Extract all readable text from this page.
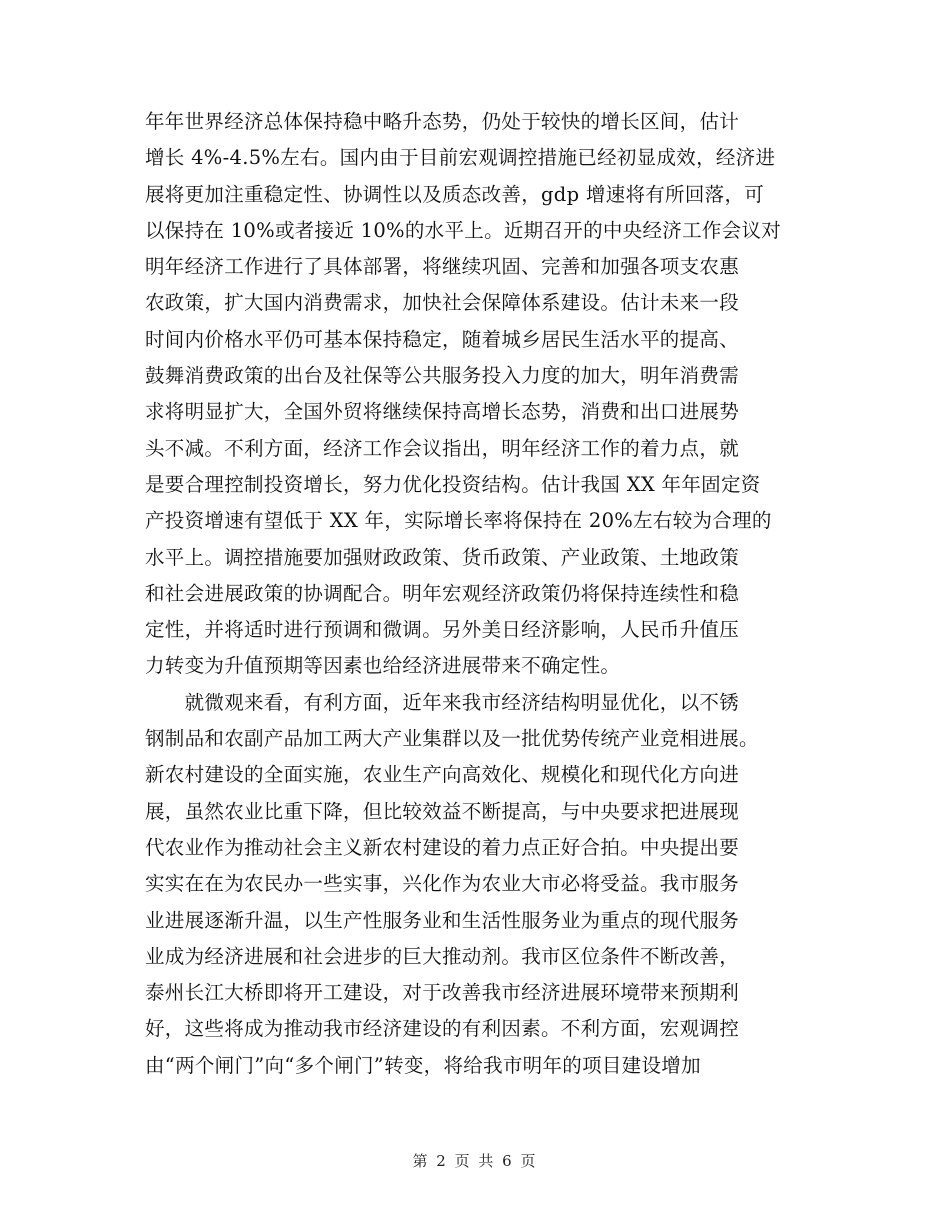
年年世界经济总体保持稳中略升态势，仍处于较快的增长区间，估计
增长 4%-4.5%左右。国内由于目前宏观调控措施已经初显成效，经济进
展将更加注重稳定性、协调性以及质态改善，gdp 增速将有所回落，可
以保持在 10%或者接近 10%的水平上。近期召开的中央经济工作会议对
明年经济工作进行了具体部署，将继续巩固、完善和加强各项支农惠
农政策，扩大国内消费需求，加快社会保障体系建设。估计未来一段
时间内价格水平仍可基本保持稳定，随着城乡居民生活水平的提高、
鼓舞消费政策的出台及社保等公共服务投入力度的加大，明年消费需
求将明显扩大，全国外贸将继续保持高增长态势，消费和出口进展势
头不减。不利方面，经济工作会议指出，明年经济工作的着力点，就
是要合理控制投资增长，努力优化投资结构。估计我国 XX 年年固定资
产投资增速有望低于 XX 年，实际增长率将保持在 20%左右较为合理的
水平上。调控措施要加强财政政策、货币政策、产业政策、土地政策
和社会进展政策的协调配合。明年宏观经济政策仍将保持连续性和稳
定性，并将适时进行预调和微调。另外美日经济影响，人民币升值压
力转变为升值预期等因素也给经济进展带来不确定性。
　　就微观来看，有利方面，近年来我市经济结构明显优化，以不锈
钢制品和农副产品加工两大产业集群以及一批优势传统产业竞相进展。
新农村建设的全面实施，农业生产向高效化、规模化和现代化方向进
展，虽然农业比重下降，但比较效益不断提高，与中央要求把进展现
代农业作为推动社会主义新农村建设的着力点正好合拍。中央提出要
实实在在为农民办一些实事，兴化作为农业大市必将受益。我市服务
业进展逐渐升温，以生产性服务业和生活性服务业为重点的现代服务
业成为经济进展和社会进步的巨大推动剂。我市区位条件不断改善，
泰州长江大桥即将开工建设，对于改善我市经济进展环境带来预期利
好，这些将成为推动我市经济建设的有利因素。不利方面，宏观调控
由“两个闸门”向“多个闸门”转变，将给我市明年的项目建设增加
第 2 页 共 6 页
